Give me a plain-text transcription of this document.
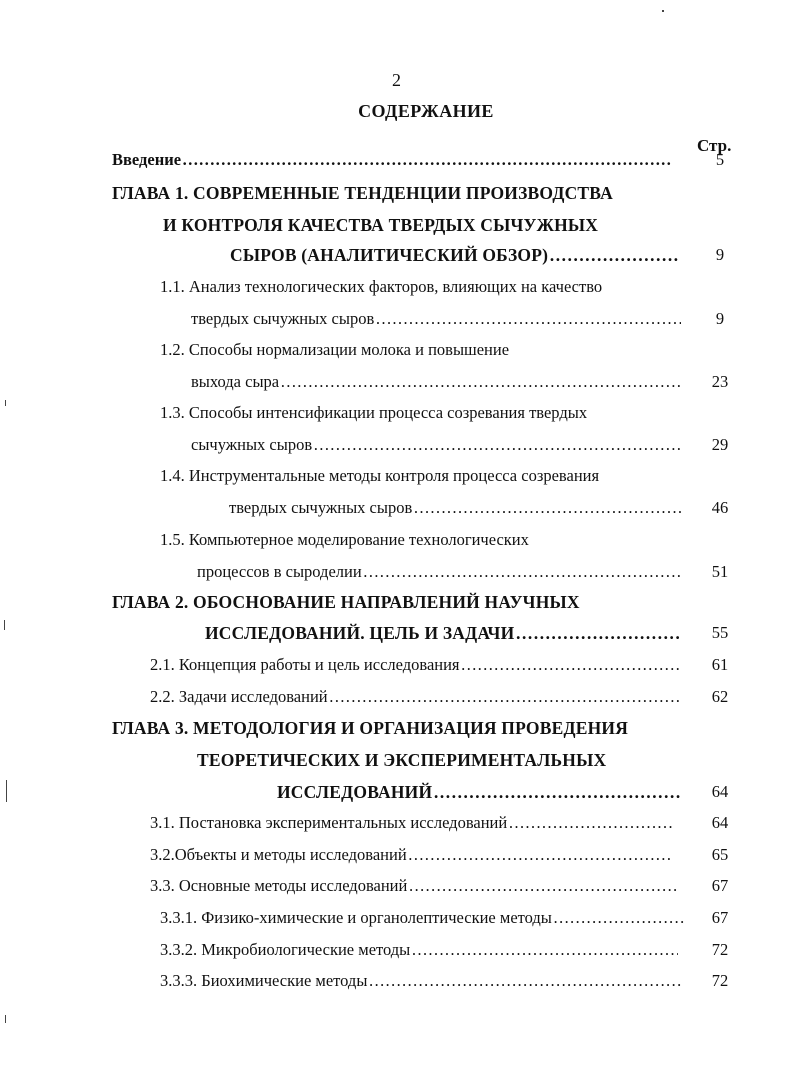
2
СОДЕРЖАНИЕ
Стр.
Введение ………………………………………………………………………………………………………………………………………………………………………………	5
ГЛАВА 1. СОВРЕМЕННЫЕ ТЕНДЕНЦИИ ПРОИЗВОДСТВА
И КОНТРОЛЯ КАЧЕСТВА ТВЕРДЫХ СЫЧУЖНЫХ
СЫРОВ (АНАЛИТИЧЕСКИЙ ОБЗОР) ………………………………………………………………………………………………………………………………………………………………………………	9
1.1. Анализ технологических факторов, влияющих на качество
твердых сычужных сыров ………………………………………………………………………………………………………………………………………………………………………………	9
1.2. Способы нормализации молока и повышение
выхода сыра ………………………………………………………………………………………………………………………………………………………………………………	23
1.3. Способы интенсификации процесса созревания твердых
сычужных сыров ………………………………………………………………………………………………………………………………………………………………………………	29
1.4. Инструментальные методы контроля процесса созревания
твердых сычужных сыров ………………………………………………………………………………………………………………………………………………………………………………	46
1.5. Компьютерное моделирование технологических
процессов в сыроделии ………………………………………………………………………………………………………………………………………………………………………………	51
ГЛАВА 2. ОБОСНОВАНИЕ НАПРАВЛЕНИЙ НАУЧНЫХ
ИССЛЕДОВАНИЙ. ЦЕЛЬ И ЗАДАЧИ ………………………………………………………………………………………………………………………………………………………………………………	55
2.1. Концепция работы и цель исследования ………………………………………………………………………………………………………………………………………………………………………………	61
2.2. Задачи исследований ………………………………………………………………………………………………………………………………………………………………………………	62
ГЛАВА 3. МЕТОДОЛОГИЯ И ОРГАНИЗАЦИЯ ПРОВЕДЕНИЯ
ТЕОРЕТИЧЕСКИХ И ЭКСПЕРИМЕНТАЛЬНЫХ
ИССЛЕДОВАНИЙ ………………………………………………………………………………………………………………………………………………………………………………	64
3.1. Постановка экспериментальных исследований ………………………………………………………………………………………………………………………………………………………………………………	64
3.2.Объекты и методы исследований ………………………………………………………………………………………………………………………………………………………………………………	65
3.3. Основные методы исследований ………………………………………………………………………………………………………………………………………………………………………………	67
3.3.1. Физико-химические и органолептические методы ………………………………………………………………………………………………………………………………………………………………………………	67
3.3.2. Микробиологические методы ………………………………………………………………………………………………………………………………………………………………………………	72
3.3.3. Биохимические методы ………………………………………………………………………………………………………………………………………………………………………………	72
